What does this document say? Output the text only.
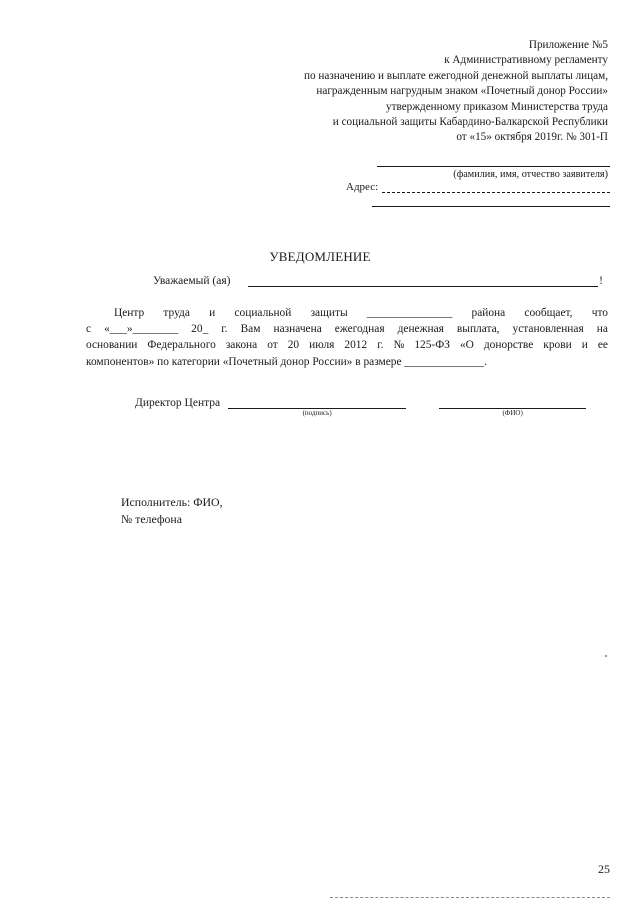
Приложение №5
к Административному регламенту
по назначению и выплате ежегодной денежной выплаты лицам,
награжденным нагрудным знаком «Почетный донор России»
утвержденному приказом Министерства труда
и социальной защиты Кабардино-Балкарской Республики
от «15» октября 2019г. № 301-П
(фамилия, имя, отчество заявителя)
Адрес:
УВЕДОМЛЕНИЕ
Уважаемый (ая)	!
Центр труда и социальной защиты _______________ района сообщает, что
с «___»________ 20_ г. Вам назначена ежегодная денежная выплата, установленная на
основании Федерального закона от 20 июля 2012 г. № 125-ФЗ «О донорстве крови и ее
компонентов» по категории «Почетный донор России» в размере ______________.
Директор Центра
(подпись)	(ФИО)
Исполнитель: ФИО,
№ телефона
25
